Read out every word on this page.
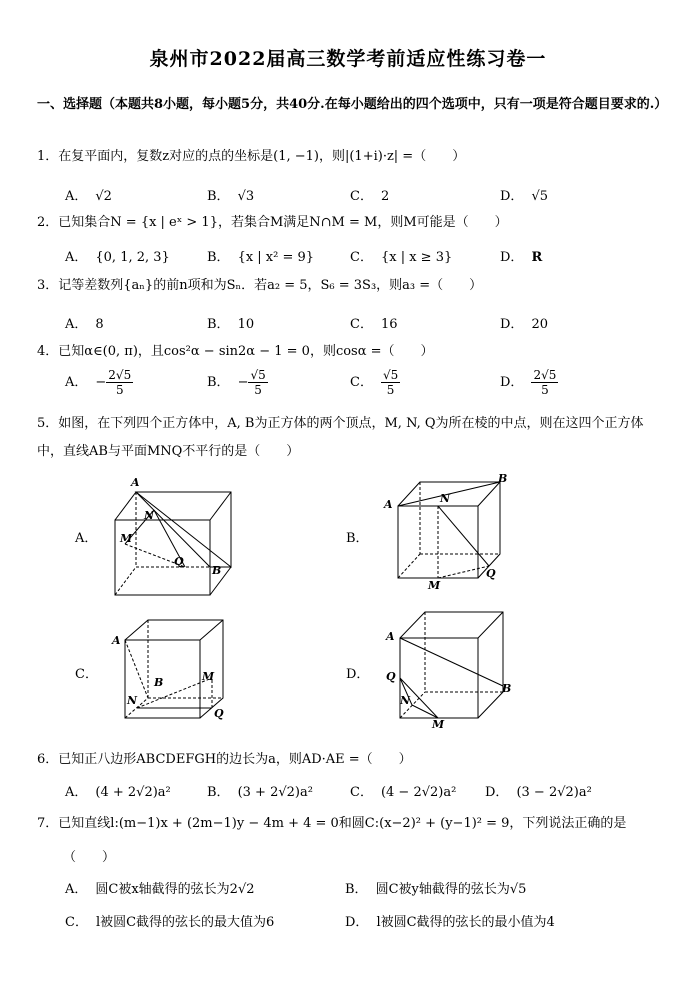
泉州市2022届高三数学考前适应性练习卷一
一、选择题（本题共8小题，每小题5分，共40分.在每小题给出的四个选项中，只有一项是符合题目要求的.）
1．在复平面内，复数z对应的点的坐标是(1, −1)，则|(1+i)·z| =（　　）
A． √2	B． √3	C． 2	D． √5
2．已知集合N = {x | eˣ > 1}，若集合M满足N∩M = M，则M可能是（　　）
A． {0, 1, 2, 3}	B． {x | x² = 9}	C． {x | x ≥ 3}	D． R
3．记等差数列{aₙ}的前n项和为Sₙ．若a₂ = 5，S₆ = 3S₃，则a₃ =（　　）
A． 8	B． 10	C． 16	D． 20
4．已知α∈(0, π)，且cos²α − sin2α − 1 = 0，则cosα =（　　）
A． − $\frac{2√5}{5}$	B． − $\frac{√5}{5}$	C． $\frac{√5}{5}$	D． $\frac{2√5}{5}$
5．如图，在下列四个正方体中，A, B为正方体的两个顶点，M, N, Q为所在棱的中点，则在这四个正方体中，直线AB与平面MNQ不平行的是（　　）
A．
A
B
M
N
Q
B．
A
B
M
N
Q
C．
A
B	M
N
Q
D．
A
B
M
N
Q
6．已知正八边形ABCDEFGH的边长为a，则AD·AE =（　　）
A． (4 + 2√2)a²	B． (3 + 2√2)a²	C． (4 − 2√2)a² D． (3 − 2√2)a²
7．已知直线l:(m−1)x + (2m−1)y − 4m + 4 = 0和圆C:(x−2)² + (y−1)² = 9，下列说法正确的是
（　　）
A． 圆C被x轴截得的弦长为2√2	B． 圆C被y轴截得的弦长为√5
C． l被圆C截得的弦长的最大值为6	D． l被圆C截得的弦长的最小值为4
